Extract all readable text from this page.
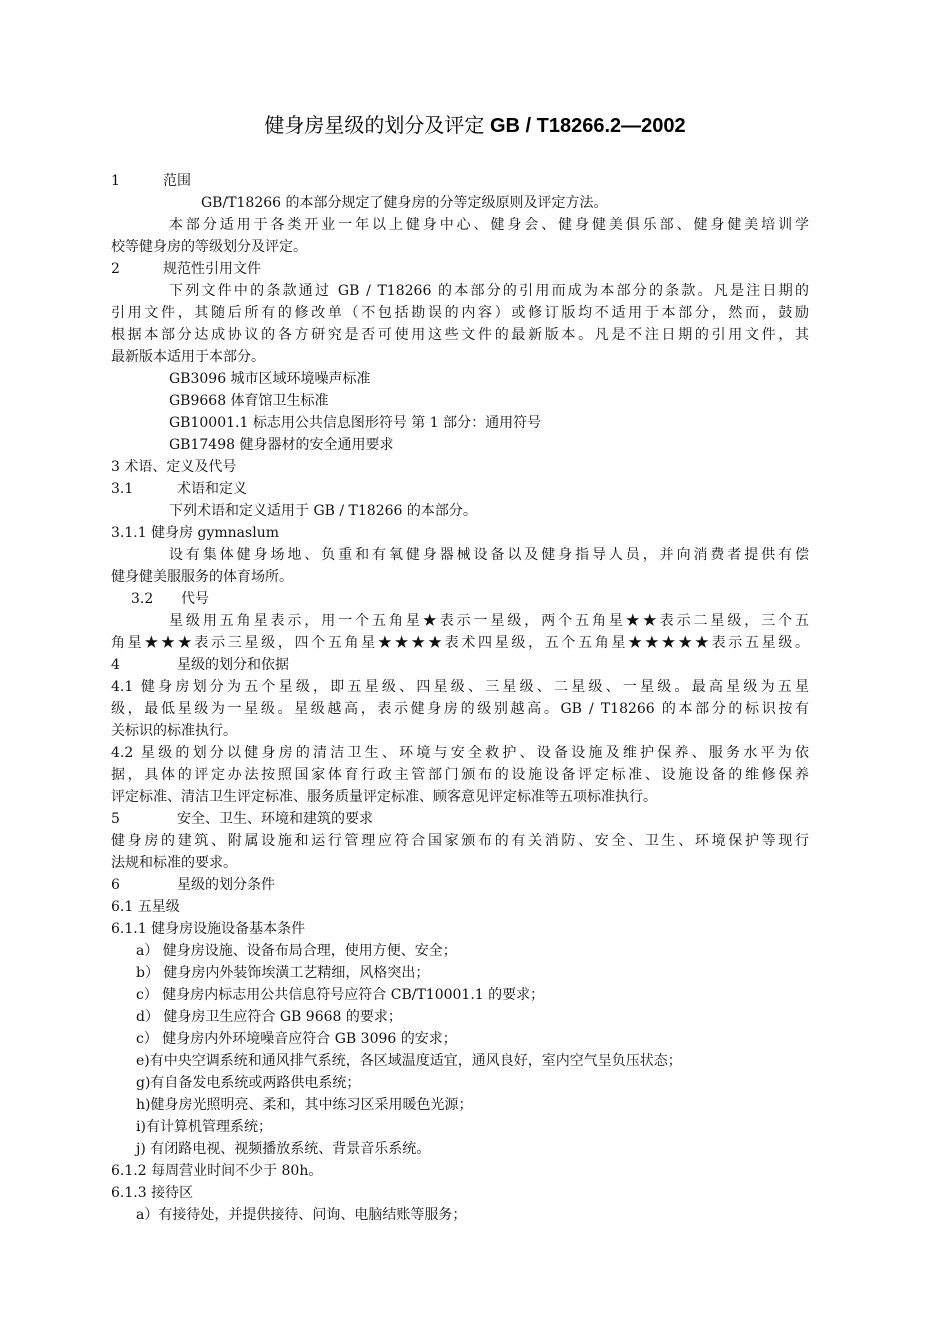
健身房星级的划分及评定 GB / T18266.2—2002
1	范围
GB/T18266 的本部分规定了健身房的分等定级原则及评定方法。
本部分适用于各类开业一年以上健身中心、健身会、健身健美俱乐部、健身健美培训学
校等健身房的等级划分及评定。
2	规范性引用文件
下列文件中的条款通过 GB / T18266 的本部分的引用而成为本部分的条款。凡是注日期的
引用文件，其随后所有的修改单（不包括勘误的内容）或修订版均不适用于本部分，然而，鼓励
根据本部分达成协议的各方研究是否可使用这些文件的最新版本。凡是不注日期的引用文件，其
最新版本适用于本部分。
GB3096 城市区域环境噪声标准
GB9668 体育馆卫生标准
GB10001.1 标志用公共信息图形符号 第 1 部分：通用符号
GB17498 健身器材的安全通用要求
3 术语、定义及代号
3.1	术语和定义
下列术语和定义适用于 GB / T18266 的本部分。
3.1.1 健身房 gymnaslum
设有集体健身场地、负重和有氧健身器械设备以及健身指导人员，并向消费者提供有偿
健身健美服服务的体育场所。
3.2 代号
星级用五角星表示，用一个五角星★表示一星级，两个五角星★★表示二星级，三个五
角星★★★表示三星级，四个五角星★★★★表术四星级，五个五角星★★★★★表示五星级。
4	星级的划分和依据
4.1 健身房划分为五个星级，即五星级、四星级、三星级、二星级、一星级。最高星级为五星
级，最低星级为一星级。星级越高，表示健身房的级别越高。GB / T18266 的本部分的标识按有
关标识的标准执行。
4.2 星级的划分以健身房的清洁卫生、环境与安全救护、设备设施及维护保养、服务水平为依
据，具体的评定办法按照国家体育行政主管部门颁布的设施设备评定标准、设施设备的维修保养
评定标准、清洁卫生评定标准、服务质量评定标准、顾客意见评定标准等五项标准执行。
5	安全、卫生、环境和建筑的要求
健身房的建筑、附属设施和运行管理应符合国家颁布的有关消防、安全、卫生、环境保护等现行
法规和标准的要求。
6	星级的划分条件
6.1 五星级
6.1.1 健身房设施设备基本条件
a） 健身房设施、设备布局合理，使用方便、安全；
b） 健身房内外装饰埃潢工艺精细，风格突出；
c） 健身房内标志用公共信息符号应符合 CB/T10001.1 的要求；
d） 健身房卫生应符合 GB 9668 的要求；
c） 健身房内外环境噪音应符合 GB 3096 的安求；
e)有中央空调系统和通风排气系统，各区域温度适宜，通风良好，室内空气呈负压状态；
g)有自备发电系统或两路供电系统；
h)健身房光照明亮、柔和，其中练习区采用暖色光源；
i)有计算机管理系统；
j) 有闭路电视、视频播放系统、背景音乐系统。
6.1.2 每周营业时间不少于 80h。
6.1.3 接待区
a）有接待处，并提供接待、问询、电脑结账等服务；
